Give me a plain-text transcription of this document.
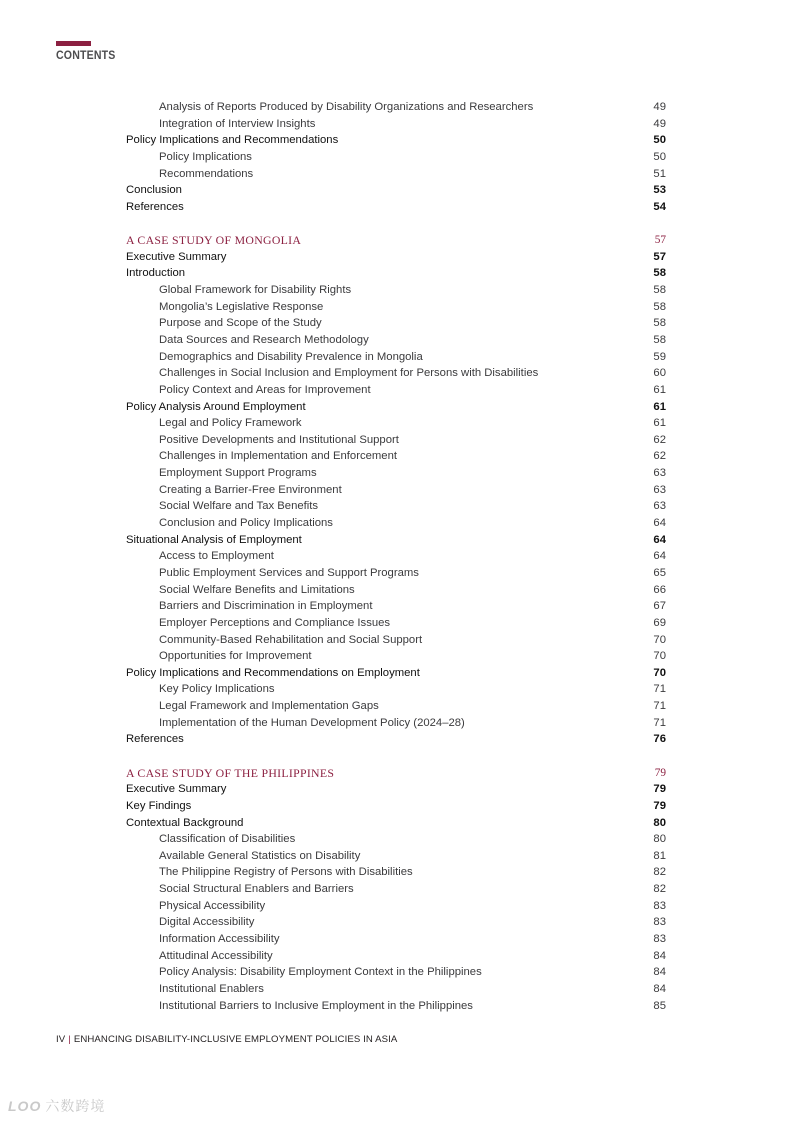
CONTENTS
Analysis of Reports Produced by Disability Organizations and Researchers	49
Integration of Interview Insights	49
Policy Implications and Recommendations	50
Policy Implications	50
Recommendations	51
Conclusion	53
References	54
A CASE STUDY OF MONGOLIA	57
Executive Summary	57
Introduction	58
Global Framework for Disability Rights	58
Mongolia’s Legislative Response	58
Purpose and Scope of the Study	58
Data Sources and Research Methodology	58
Demographics and Disability Prevalence in Mongolia	59
Challenges in Social Inclusion and Employment for Persons with Disabilities	60
Policy Context and Areas for Improvement	61
Policy Analysis Around Employment	61
Legal and Policy Framework	61
Positive Developments and Institutional Support	62
Challenges in Implementation and Enforcement	62
Employment Support Programs	63
Creating a Barrier-Free Environment	63
Social Welfare and Tax Benefits	63
Conclusion and Policy Implications	64
Situational Analysis of Employment	64
Access to Employment	64
Public Employment Services and Support Programs	65
Social Welfare Benefits and Limitations	66
Barriers and Discrimination in Employment	67
Employer Perceptions and Compliance Issues	69
Community-Based Rehabilitation and Social Support	70
Opportunities for Improvement	70
Policy Implications and Recommendations on Employment	70
Key Policy Implications	71
Legal Framework and Implementation Gaps	71
Implementation of the Human Development Policy (2024–28)	71
References	76
A CASE STUDY OF THE PHILIPPINES	79
Executive Summary	79
Key Findings	79
Contextual Background	80
Classification of Disabilities	80
Available General Statistics on Disability	81
The Philippine Registry of Persons with Disabilities	82
Social Structural Enablers and Barriers	82
Physical Accessibility	83
Digital Accessibility	83
Information Accessibility	83
Attitudinal Accessibility	84
Policy Analysis: Disability Employment Context in the Philippines	84
Institutional Enablers	84
Institutional Barriers to Inclusive Employment in the Philippines	85
IV | ENHANCING DISABILITY-INCLUSIVE EMPLOYMENT POLICIES IN ASIA
LOO 六数跨境
